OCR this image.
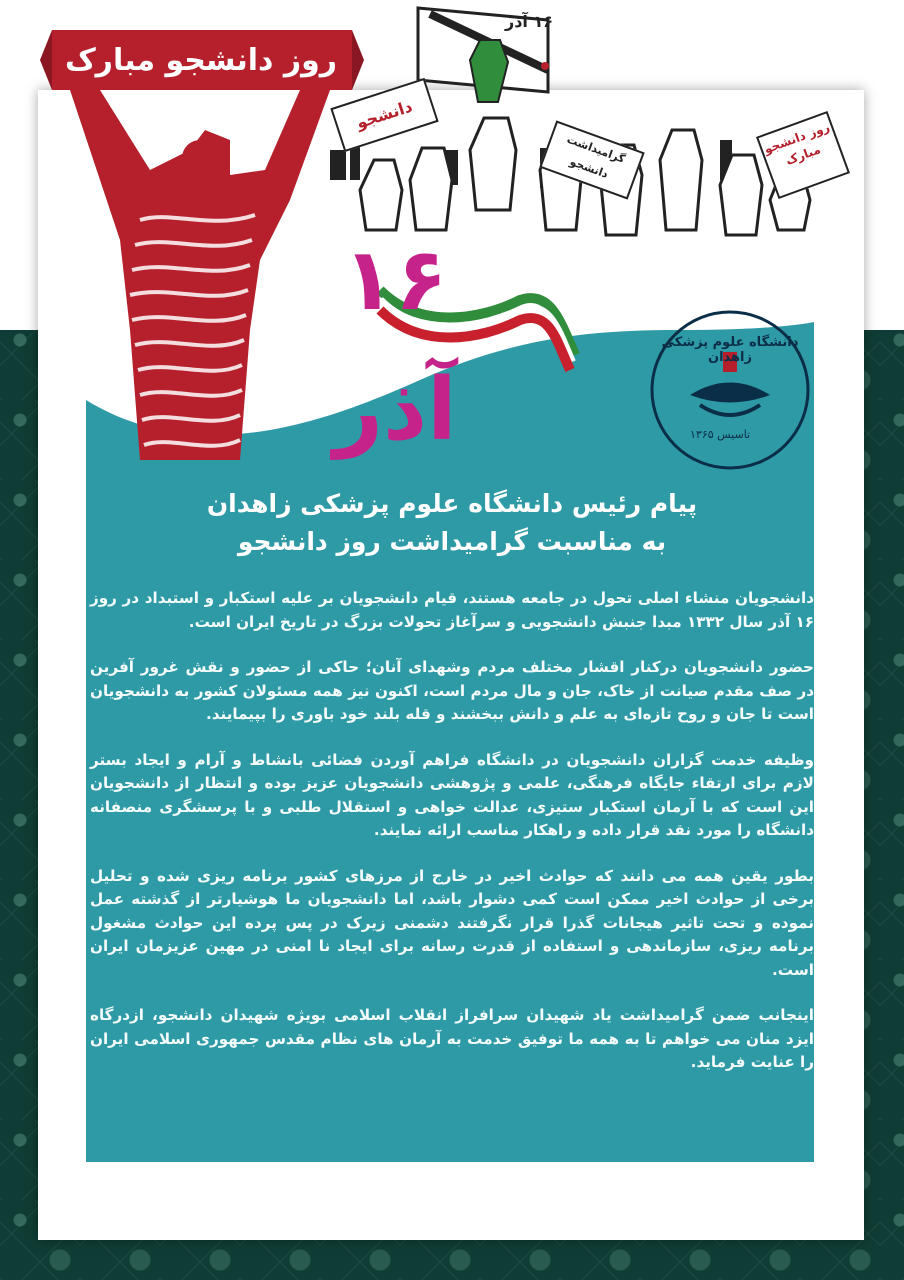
روز دانشجو مبارک
۱۶ آذر
۱۶ آذر
دانشجو
گرامیداشت دانشجو
روز دانشجو مبارک
دانشگاه علوم پزشکی زاهدان
تاسیس ۱۳۶۵
پیام رئیس دانشگاه علوم پزشکی زاهدان
به مناسبت گرامیداشت روز دانشجو

دانشجویان منشاء اصلی تحول در جامعه هستند، قیام دانشجویان بر علیه استکبار و استبداد در روز ۱۶ آذر سال ۱۳۳۲ مبدا جنبش دانشجویی و سرآغاز تحولات بزرگ در تاریخ ایران است.

حضور دانشجویان درکنار اقشار مختلف مردم وشهدای آنان؛ حاکی از حضور و نقش غرور آفرین در صف مقدم صیانت از خاک، جان و مال مردم است، اکنون نیز همه مسئولان کشور به دانشجویان است تا جان و روح تازه‌ای به علم و دانش ببخشند و قله بلند خود باوری را بپیمایند.

وظیفه خدمت گزاران دانشجویان در دانشگاه فراهم آوردن فضائی بانشاط و آرام و ایجاد بستر لازم برای ارتقاء جایگاه فرهنگی، علمی و پژوهشی دانشجویان عزیز بوده و انتظار از دانشجویان این است که با آرمان استکبار ستیزی، عدالت خواهی و استقلال طلبی و با پرسشگری منصفانه دانشگاه را مورد نقد قرار داده و راهکار مناسب ارائه نمایند.

بطور یقین همه می دانند که حوادث اخیر در خارج از مرزهای کشور برنامه ریزی شده و تحلیل برخی از حوادث اخیر ممکن است کمی دشوار باشد، اما دانشجویان ما هوشیارتر از گذشته عمل نموده و تحت تاثیر هیجانات گذرا قرار نگرفتند دشمنی زیرک در پس پرده این حوادث مشغول برنامه ریزی، سازماندهی و استفاده از قدرت رسانه برای ایجاد نا امنی در مهین عزیزمان ایران است.

اینجانب ضمن گرامیداشت یاد شهیدان سرافراز انقلاب اسلامی بویژه شهیدان دانشجو، ازدرگاه ایزد منان می خواهم تا به همه ما توفیق خدمت به آرمان های نظام مقدس جمهوری اسلامی ایران را عنایت فرماید.
